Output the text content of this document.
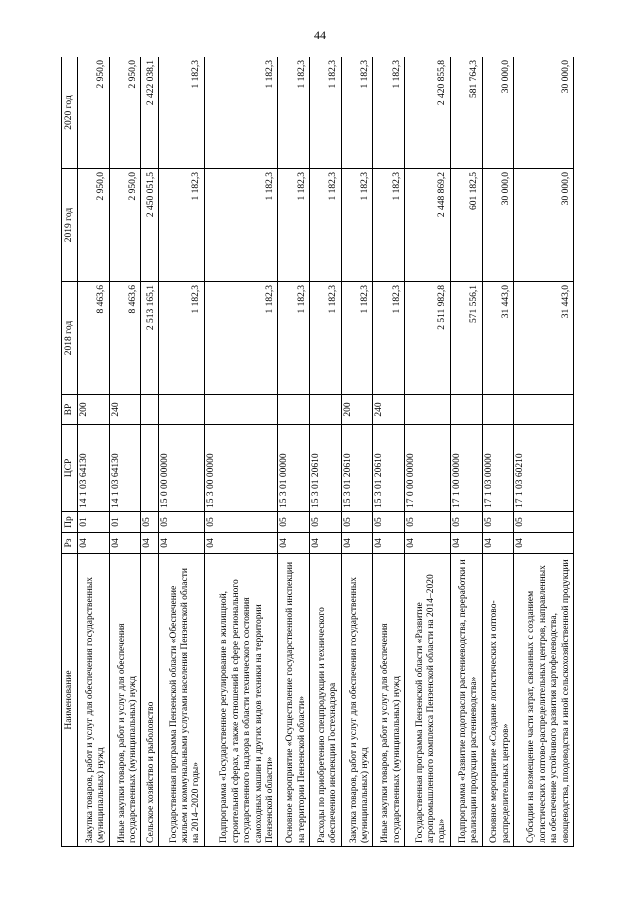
44
Наименование	Рз	Пр	ЦСР	ВР	2018 год	2019 год	2020 год
Закупка товаров, работ и услуг для обеспечения государственных (муниципальных) нужд	04	01	14 1 03 64130	200	8 463,6	2 950,0	2 950,0
Иные закупки товаров, работ и услуг для обеспечения государственных (муниципальных) нужд	04	01	14 1 03 64130	240	8 463,6	2 950,0	2 950,0
Сельское хозяйство и рыболовство	04	05			2 513 165,1	2 450 051,5	2 422 038,1
Государственная программа Пензенской области «Обеспечение жильем и коммунальными услугами населения Пензенской области на 2014–2020 годы»	04	05	15 0 00 00000		1 182,3	1 182,3	1 182,3
Подпрограмма «Государственное регулирование в жилищной, строительной сферах, а также отношений в сфере регионального государственного надзора в области технического состояния самоходных машин и других видов техники на территории Пензенской области»	04	05	15 3 00 00000		1 182,3	1 182,3	1 182,3
Основное мероприятие «Осуществление государственной инспекции на территории Пензенской области»	04	05	15 3 01 00000		1 182,3	1 182,3	1 182,3
Расходы по приобретению спецпродукции и технического обеспечению инспекции Гостехнадзора	04	05	15 3 01 20610		1 182,3	1 182,3	1 182,3
Закупка товаров, работ и услуг для обеспечения государственных (муниципальных) нужд	04	05	15 3 01 20610	200	1 182,3	1 182,3	1 182,3
Иные закупки товаров, работ и услуг для обеспечения государственных (муниципальных) нужд	04	05	15 3 01 20610	240	1 182,3	1 182,3	1 182,3
Государственная программа Пензенской области «Развитие агропромышленного комплекса Пензенской области на 2014–2020 годы»	04	05	17 0 00 00000		2 511 982,8	2 448 869,2	2 420 855,8
Подпрограмма «Развитие подотрасли растениеводства, переработки и реализации продукции растениеводства»	04	05	17 1 00 00000		571 556,1	601 182,5	581 764,3
Основное мероприятие «Создание логистических и оптово-распределительных центров»	04	05	17 1 03 00000		31 443,0	30 000,0	30 000,0
Субсидии на возмещение части затрат, связанных с созданием логистических и оптово-распределительных центров, направленных на обеспечение устойчивого развития картофелеводства, овощеводства, плодоводства и иной сельскохозяйственной продукции	04	05	17 1 03 60210		31 443,0	30 000,0	30 000,0
